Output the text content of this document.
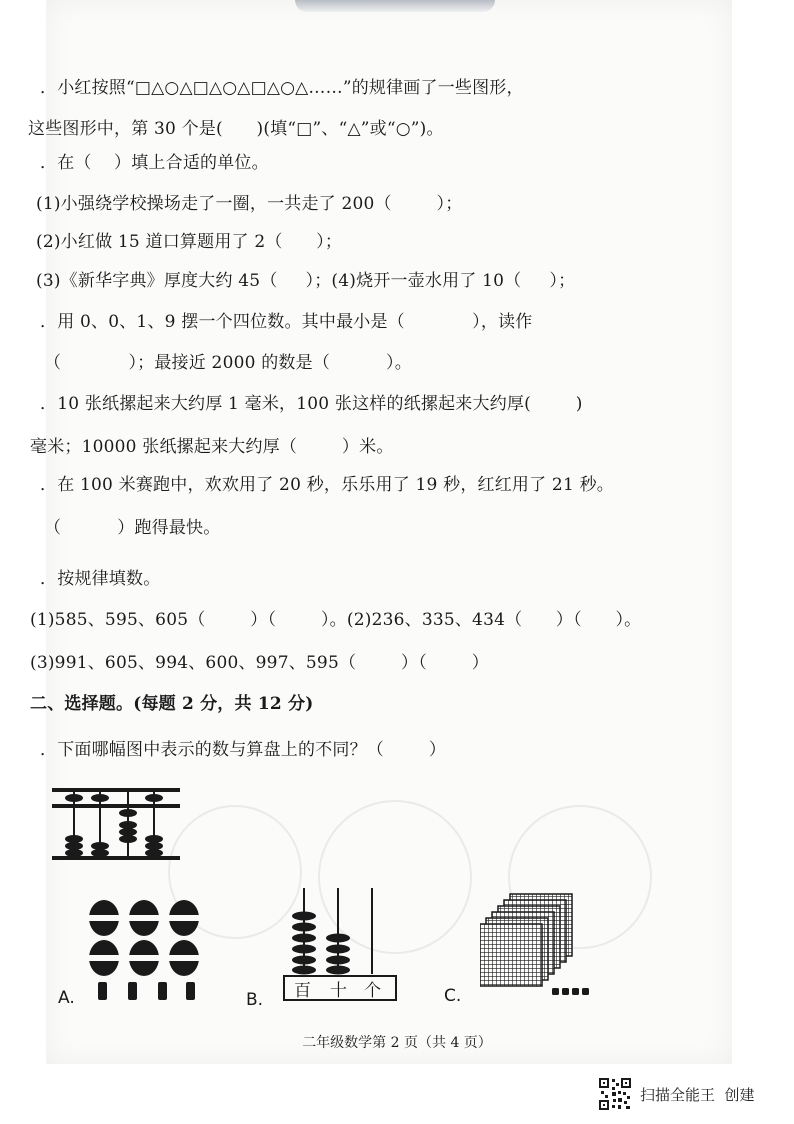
．小红按照“□△○△□△○△□△○△……”的规律画了一些图形，
这些图形中，第 30 个是(      )(填“□”、“△”或“○”)。
．在（    ）填上合适的单位。
(1)小强绕学校操场走了一圈，一共走了 200（        ）；
(2)小红做 15 道口算题用了 2（      ）；
(3)《新华字典》厚度大约 45（     ）；(4)烧开一壶水用了 10（     ）；
．用 0、0、1、9 摆一个四位数。其中最小是（            ），读作
（            ）；最接近 2000 的数是（          ）。
．10 张纸摞起来大约厚 1 毫米，100 张这样的纸摞起来大约厚(        )
毫米；10000 张纸摞起来大约厚（        ）米。
．在 100 米赛跑中，欢欢用了 20 秒，乐乐用了 19 秒，红红用了 21 秒。
（          ）跑得最快。
．按规律填数。
(1)585、595、605（        ）（        ）。(2)236、335、434（      ）（      ）。
(3)991、605、994、600、997、595（        ）（        ）
二、选择题。(每题 2 分，共 12 分)
．下面哪幅图中表示的数与算盘上的不同？（        ）
A.	百 十 个
B.	C.
二年级数学第 2 页（共 4 页）
扫描全能王  创建
